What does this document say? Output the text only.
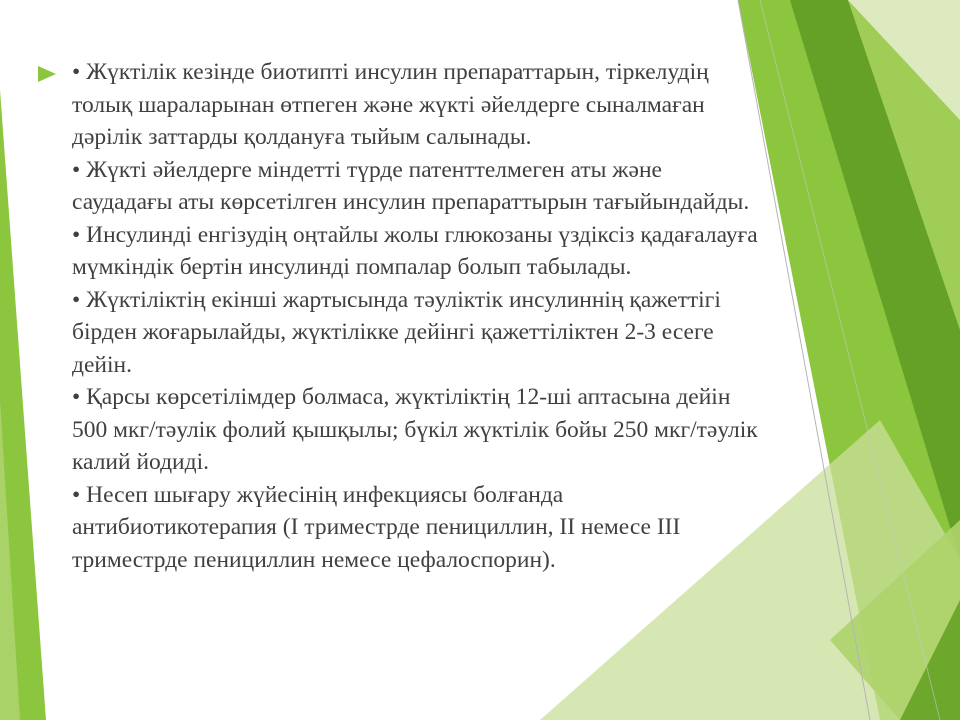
• Жүктілік кезінде биотипті инсулин препараттарын, тіркелудің
толық шараларынан өтпеген және жүкті әйелдерге сыналмаған
дәрілік заттарды қолдануға тыйым салынады.
• Жүкті әйелдерге міндетті түрде патенттелмеген аты және
саудадағы аты көрсетілген инсулин препараттырын тағыйындайды.
• Инсулинді енгізудің оңтайлы жолы глюкозаны үздіксіз қадағалауға
мүмкіндік бертін инсулинді помпалар болып табылады.
• Жүктіліктің екінші жартысында тәуліктік инсулиннің қажеттігі
бірден жоғарылайды, жүктілікке дейінгі қажеттіліктен 2-3 есеге
дейін.
• Қарсы көрсетілімдер болмаса, жүктіліктің 12-ші аптасына дейін
500 мкг/тәулік фолий қышқылы; бүкіл жүктілік бойы 250 мкг/тәулік
калий йодиді.
• Несеп шығару жүйесінің инфекциясы болғанда
антибиотикотерапия (I триместрде пенициллин, II немесе III
триместрде пенициллин немесе цефалоспорин).
